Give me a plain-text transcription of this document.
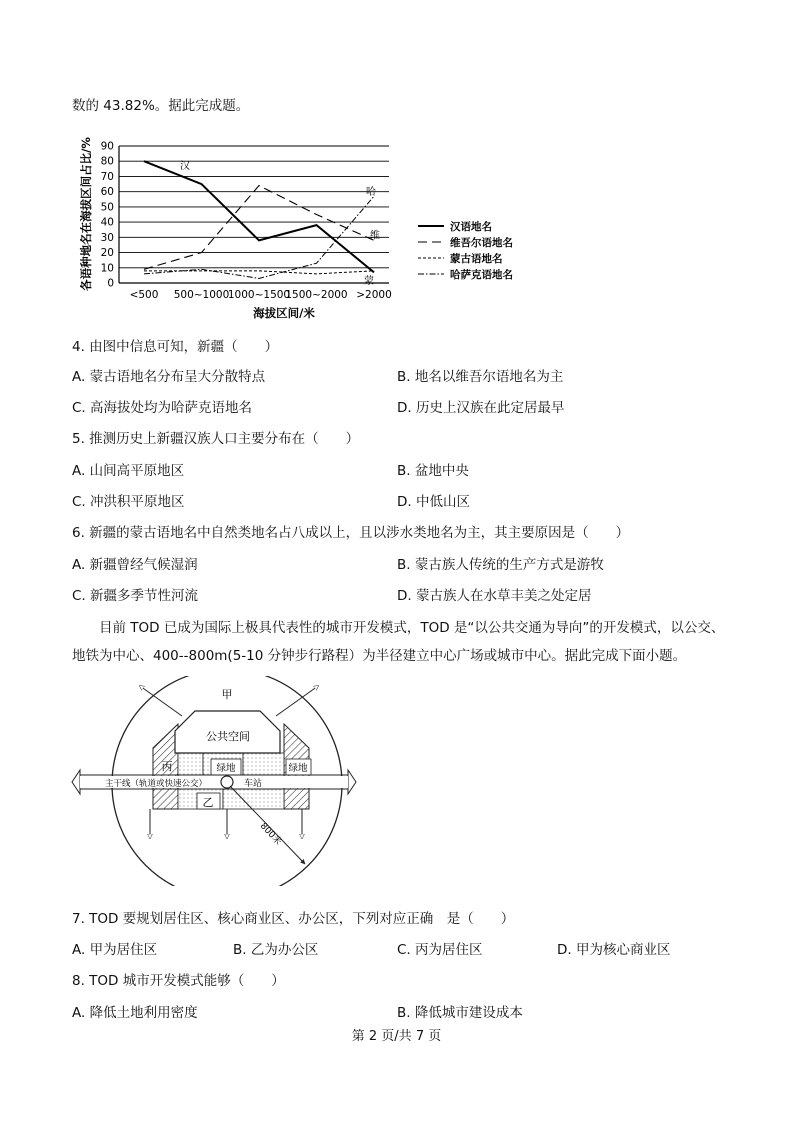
数的 43.82%。据此完成题。
各语种地名在海拔区间占比/% 0
10
20
30
40
50
60
70
80
90
<500 500~1000
1000~1500
1500~2000 >2000
汉
维
蒙
哈
汉语地名
维吾尔语地名
蒙古语地名
哈萨克语地名
海拔区间/米
4. 由图中信息可知，新疆（　　）
A. 蒙古语地名分布呈大分散特点	B. 地名以维吾尔语地名为主
C. 高海拔处均为哈萨克语地名	D. 历史上汉族在此定居最早
5. 推测历史上新疆汉族人口主要分布在（　　）
A. 山间高平原地区	B. 盆地中央
C. 冲洪积平原地区	D. 中低山区
6. 新疆的蒙古语地名中自然类地名占八成以上，且以涉水类地名为主，其主要原因是（　　）
A. 新疆曾经气候湿润	B. 蒙古族人传统的生产方式是游牧
C. 新疆多季节性河流	D. 蒙古族人在水草丰美之处定居
目前 TOD 已成为国际上极具代表性的城市开发模式，TOD 是“以公共交通为导向”的开发模式，以公交、地铁为中心、400--800m(5-10 分钟步行路程）为半径建立中心广场或城市中心。据此完成下面小题。
甲
公共空间
丙	绿地	绿地
主干线（轨道或快速公交）	车站
乙
800米
7. TOD 要规划居住区、核心商业区、办公区，下列对应正确　是（　　）
A. 甲为居住区	B. 乙为办公区	C. 丙为居住区	D. 甲为核心商业区
8. TOD 城市开发模式能够（　　）
A. 降低土地利用密度	B. 降低城市建设成本
第 2 页/共 7 页
